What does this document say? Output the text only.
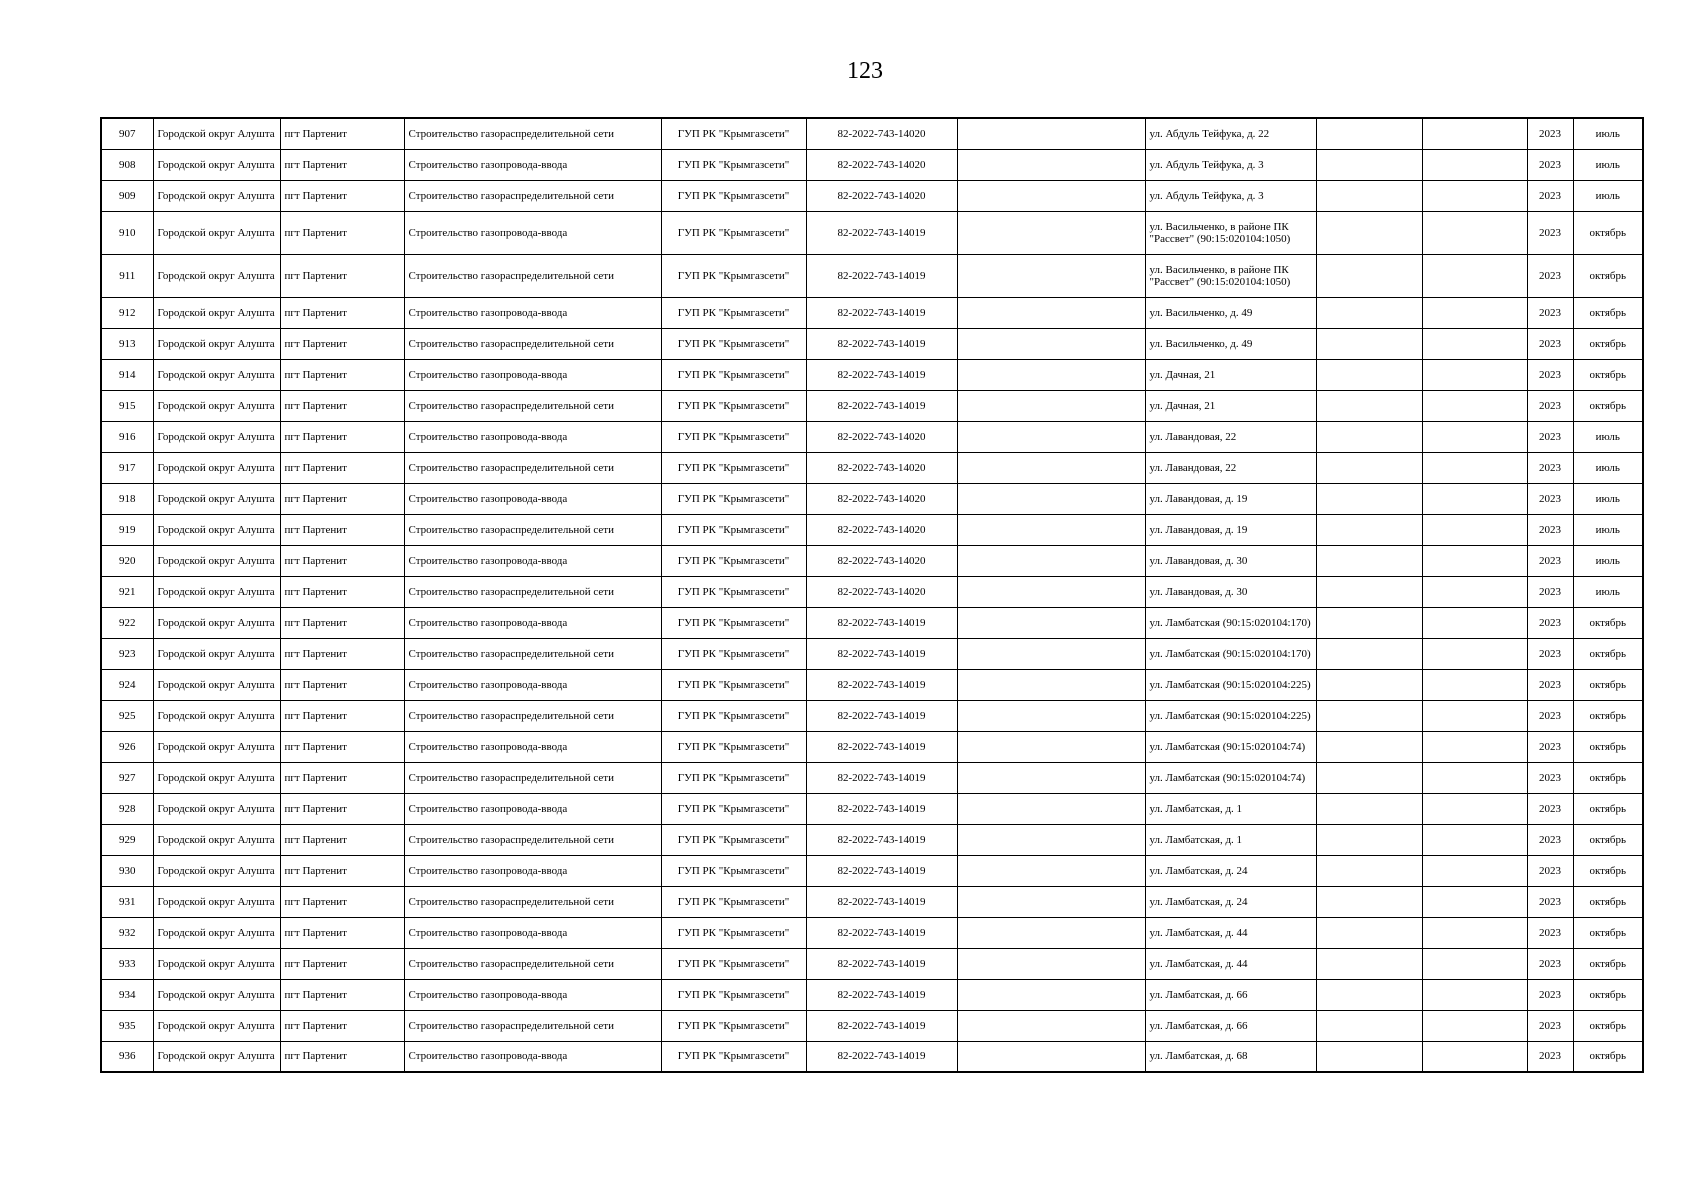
123
907	Городской округ Алушта	пгт Партенит	Строительство газораспределительной сети	ГУП РК "Крымгазсети"	82-2022-743-14020		ул. Абдуль Тейфука, д. 22			2023	июль
908	Городской округ Алушта	пгт Партенит	Строительство газопровода-ввода	ГУП РК "Крымгазсети"	82-2022-743-14020		ул. Абдуль Тейфука, д. 3			2023	июль
909	Городской округ Алушта	пгт Партенит	Строительство газораспределительной сети	ГУП РК "Крымгазсети"	82-2022-743-14020		ул. Абдуль Тейфука, д. 3			2023	июль
910	Городской округ Алушта	пгт Партенит	Строительство газопровода-ввода	ГУП РК "Крымгазсети"	82-2022-743-14019		ул. Васильченко, в районе ПК "Рассвет" (90:15:020104:1050)			2023	октябрь
911	Городской округ Алушта	пгт Партенит	Строительство газораспределительной сети	ГУП РК "Крымгазсети"	82-2022-743-14019		ул. Васильченко, в районе ПК "Рассвет" (90:15:020104:1050)			2023	октябрь
912	Городской округ Алушта	пгт Партенит	Строительство газопровода-ввода	ГУП РК "Крымгазсети"	82-2022-743-14019		ул. Васильченко, д. 49			2023	октябрь
913	Городской округ Алушта	пгт Партенит	Строительство газораспределительной сети	ГУП РК "Крымгазсети"	82-2022-743-14019		ул. Васильченко, д. 49			2023	октябрь
914	Городской округ Алушта	пгт Партенит	Строительство газопровода-ввода	ГУП РК "Крымгазсети"	82-2022-743-14019		ул. Дачная, 21			2023	октябрь
915	Городской округ Алушта	пгт Партенит	Строительство газораспределительной сети	ГУП РК "Крымгазсети"	82-2022-743-14019		ул. Дачная, 21			2023	октябрь
916	Городской округ Алушта	пгт Партенит	Строительство газопровода-ввода	ГУП РК "Крымгазсети"	82-2022-743-14020		ул. Лавандовая, 22			2023	июль
917	Городской округ Алушта	пгт Партенит	Строительство газораспределительной сети	ГУП РК "Крымгазсети"	82-2022-743-14020		ул. Лавандовая, 22			2023	июль
918	Городской округ Алушта	пгт Партенит	Строительство газопровода-ввода	ГУП РК "Крымгазсети"	82-2022-743-14020		ул. Лавандовая, д. 19			2023	июль
919	Городской округ Алушта	пгт Партенит	Строительство газораспределительной сети	ГУП РК "Крымгазсети"	82-2022-743-14020		ул. Лавандовая, д. 19			2023	июль
920	Городской округ Алушта	пгт Партенит	Строительство газопровода-ввода	ГУП РК "Крымгазсети"	82-2022-743-14020		ул. Лавандовая, д. 30			2023	июль
921	Городской округ Алушта	пгт Партенит	Строительство газораспределительной сети	ГУП РК "Крымгазсети"	82-2022-743-14020		ул. Лавандовая, д. 30			2023	июль
922	Городской округ Алушта	пгт Партенит	Строительство газопровода-ввода	ГУП РК "Крымгазсети"	82-2022-743-14019		ул. Ламбатская (90:15:020104:170)			2023	октябрь
923	Городской округ Алушта	пгт Партенит	Строительство газораспределительной сети	ГУП РК "Крымгазсети"	82-2022-743-14019		ул. Ламбатская (90:15:020104:170)			2023	октябрь
924	Городской округ Алушта	пгт Партенит	Строительство газопровода-ввода	ГУП РК "Крымгазсети"	82-2022-743-14019		ул. Ламбатская (90:15:020104:225)			2023	октябрь
925	Городской округ Алушта	пгт Партенит	Строительство газораспределительной сети	ГУП РК "Крымгазсети"	82-2022-743-14019		ул. Ламбатская (90:15:020104:225)			2023	октябрь
926	Городской округ Алушта	пгт Партенит	Строительство газопровода-ввода	ГУП РК "Крымгазсети"	82-2022-743-14019		ул. Ламбатская (90:15:020104:74)			2023	октябрь
927	Городской округ Алушта	пгт Партенит	Строительство газораспределительной сети	ГУП РК "Крымгазсети"	82-2022-743-14019		ул. Ламбатская (90:15:020104:74)			2023	октябрь
928	Городской округ Алушта	пгт Партенит	Строительство газопровода-ввода	ГУП РК "Крымгазсети"	82-2022-743-14019		ул. Ламбатская, д. 1			2023	октябрь
929	Городской округ Алушта	пгт Партенит	Строительство газораспределительной сети	ГУП РК "Крымгазсети"	82-2022-743-14019		ул. Ламбатская, д. 1			2023	октябрь
930	Городской округ Алушта	пгт Партенит	Строительство газопровода-ввода	ГУП РК "Крымгазсети"	82-2022-743-14019		ул. Ламбатская, д. 24			2023	октябрь
931	Городской округ Алушта	пгт Партенит	Строительство газораспределительной сети	ГУП РК "Крымгазсети"	82-2022-743-14019		ул. Ламбатская, д. 24			2023	октябрь
932	Городской округ Алушта	пгт Партенит	Строительство газопровода-ввода	ГУП РК "Крымгазсети"	82-2022-743-14019		ул. Ламбатская, д. 44			2023	октябрь
933	Городской округ Алушта	пгт Партенит	Строительство газораспределительной сети	ГУП РК "Крымгазсети"	82-2022-743-14019		ул. Ламбатская, д. 44			2023	октябрь
934	Городской округ Алушта	пгт Партенит	Строительство газопровода-ввода	ГУП РК "Крымгазсети"	82-2022-743-14019		ул. Ламбатская, д. 66			2023	октябрь
935	Городской округ Алушта	пгт Партенит	Строительство газораспределительной сети	ГУП РК "Крымгазсети"	82-2022-743-14019		ул. Ламбатская, д. 66			2023	октябрь
936	Городской округ Алушта	пгт Партенит	Строительство газопровода-ввода	ГУП РК "Крымгазсети"	82-2022-743-14019		ул. Ламбатская, д. 68			2023	октябрь
